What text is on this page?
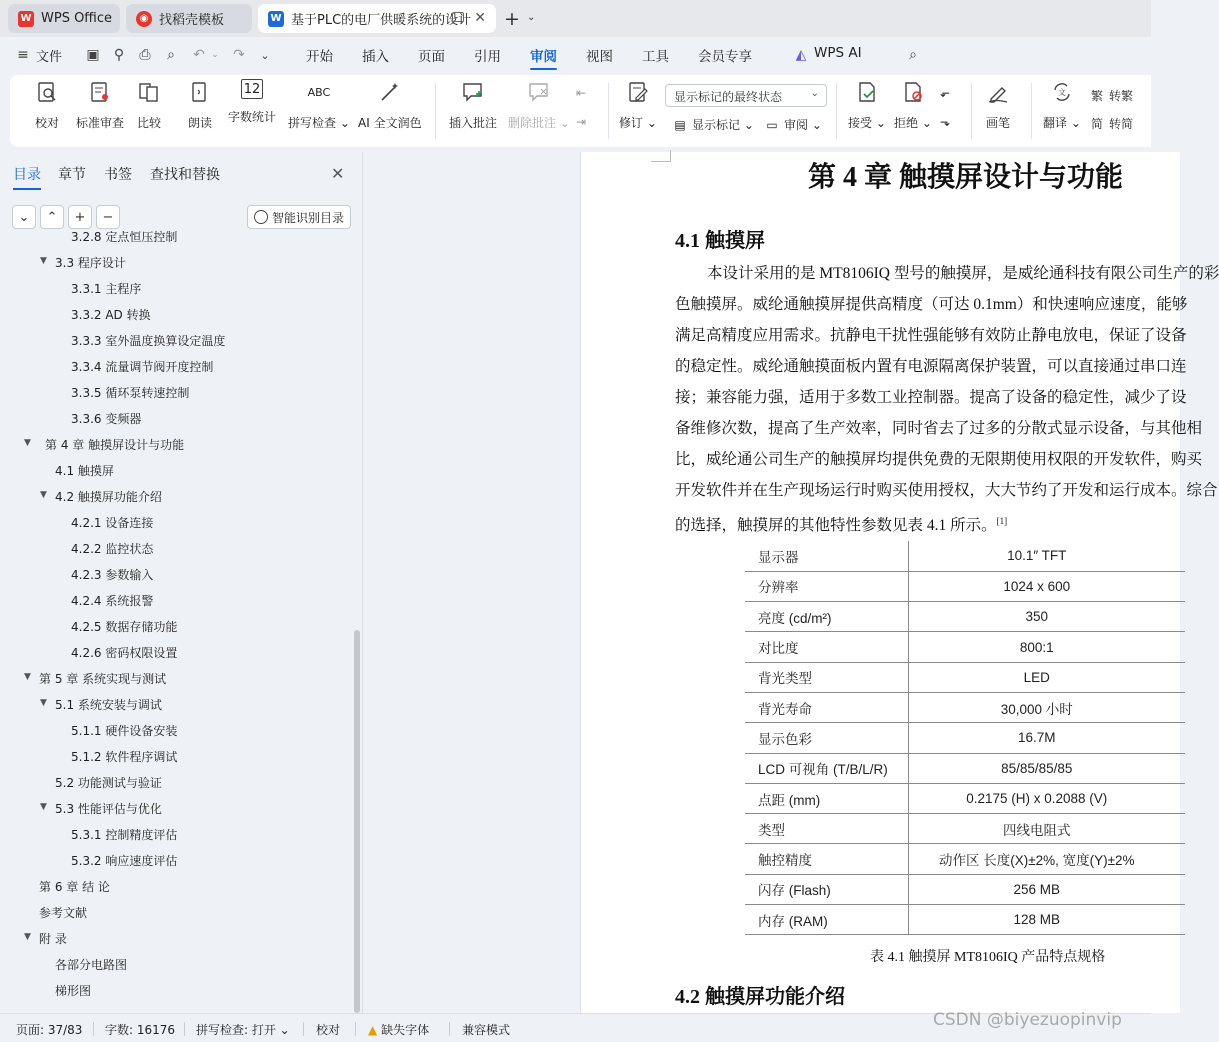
W WPS Office	◉ 找稻壳模板	W 基于PLC的电厂供暖系统的设计 ✕ + ⌄
≡ 文件 ▣ ⚲ ⎙	⌕	↶ ⌄	↷	⌄	开始 插入 页面 引用 审阅 视图 工具 会员专享	◭ WPS AI	⌕
校对 标准审查 比较 朗读
12
字数统计
ABC

拼写检查 ⌄ AI 全文润色 插入批注 删除批注 ⌄
⇤
⇥	修订 ⌄
显示标记的最终状态	⌄
▤ 显示标记 ⌄ ▭ 审阅 ⌄ 接受 ⌄ 拒绝 ⌄
⬐
⬎	画笔
文
翻译 ⌄
繁 转繁
简 转简
目录 章节 书签 查找和替换	✕
⌄	⌃	+	−	智能识别目录
3.2.8 定点恒压控制
3.3 程序设计
▼
3.3.1 主程序
3.3.2 AD 转换
3.3.3 室外温度换算设定温度
3.3.4 流量调节阀开度控制
3.3.5 循环泵转速控制
3.3.6 变频器
第 4 章 触摸屏设计与功能
▼
4.1 触摸屏
4.2 触摸屏功能介绍
▼
4.2.1 设备连接
4.2.2 监控状态
4.2.3 参数输入
4.2.4 系统报警
4.2.5 数据存储功能
4.2.6 密码权限设置
第 5 章 系统实现与测试
▼
5.1 系统安装与调试
▼
5.1.1 硬件设备安装
5.1.2 软件程序调试
5.2 功能测试与验证
5.3 性能评估与优化
▼
5.3.1 控制精度评估
5.3.2 响应速度评估
第 6 章 结 论
参考文献
附 录
▼
各部分电路图
梯形图
第 4 章 触摸屏设计与功能
4.1 触摸屏
本设计采用的是 MT8106IQ 型号的触摸屏，是威纶通科技有限公司生产的彩
色触摸屏。威纶通触摸屏提供高精度（可达 0.1mm）和快速响应速度，能够
满足高精度应用需求。抗静电干扰性强能够有效防止静电放电，保证了设备
的稳定性。威纶通触摸面板内置有电源隔离保护装置，可以直接通过串口连
接；兼容能力强，适用于多数工业控制器。提高了设备的稳定性，减少了设
备维修次数，提高了生产效率，同时省去了过多的分散式显示设备，与其他相
比，威纶通公司生产的触摸屏均提供免费的无限期使用权限的开发软件，购买
开发软件并在生产现场运行时购买使用授权，大大节约了开发和运行成本。综合
的选择，触摸屏的其他特性参数见表 4.1 所示。[1]
显示器	10.1″ TFT
分辨率	1024 x 600
亮度 (cd/m²)	350
对比度	800:1
背光类型	LED
背光寿命	30,000 小时
显示色彩	16.7M
LCD 可视角 (T/B/L/R)	85/85/85/85
点距 (mm)	0.2175 (H) x 0.2088 (V)
类型	四线电阻式
触控精度	动作区 长度(X)±2%, 宽度(Y)±2%
闪存 (Flash)	256 MB
内存 (RAM)	128 MB
表 4.1 触摸屏 MT8106IQ 产品特点规格
4.2 触摸屏功能介绍
页面: 37/83 字数: 16176 拼写检查: 打开 ⌄ 校对 ▲ 缺失字体	兼容模式	CSDN @biyezuopinvip
